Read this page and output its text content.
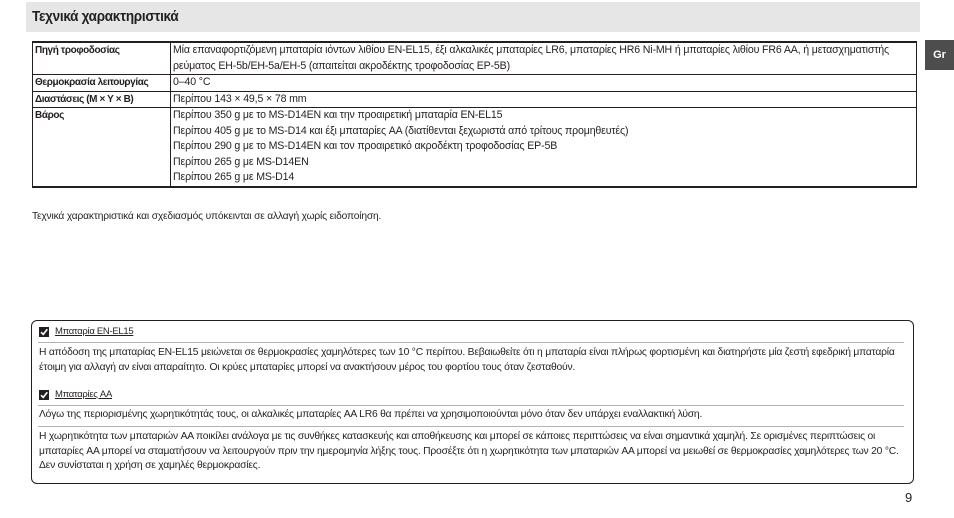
Τεχνικά χαρακτηριστικά
Gr
Πηγή τροφοδοσίας	Μία επαναφορτιζόμενη μπαταρία ιόντων λιθίου EN-EL15, έξι αλκαλικές μπαταρίες LR6, μπαταρίες HR6 Ni-MH ή μπαταρίες λιθίου FR6 AA, ή μετασχηματιστής ρεύματος EH-5b/EH-5a/EH-5 (απαιτείται ακροδέκτης τροφοδοσίας EP-5B)

Θερμοκρασία λειτουργίας	0–40 °C

Διαστάσεις (Μ × Υ × Β)	Περίπου 143 × 49,5 × 78 mm

Βάρος	Περίπου 350 g με το MS-D14EN και την προαιρετική μπαταρία EN-EL15
Περίπου 405 g με το MS-D14 και έξι μπαταρίες AA (διατίθενται ξεχωριστά από τρίτους προμηθευτές)
Περίπου 290 g με το MS-D14EN και τον προαιρετικό ακροδέκτη τροφοδοσίας EP-5B
Περίπου 265 g με MS-D14EN
Περίπου 265 g με MS-D14
Τεχνικά χαρακτηριστικά και σχεδιασμός υπόκεινται σε αλλαγή χωρίς ειδοποίηση.
Μπαταρία EN-EL15
Η απόδοση της μπαταρίας EN-EL15 μειώνεται σε θερμοκρασίες χαμηλότερες των 10 °C περίπου. Βεβαιωθείτε ότι η μπαταρία είναι πλήρως φορτισμένη και διατηρήστε μία ζεστή εφεδρική μπαταρία έτοιμη για αλλαγή αν είναι απαραίτητο. Οι κρύες μπαταρίες μπορεί να ανακτήσουν μέρος του φορτίου τους όταν ζεσταθούν.
Μπαταρίες AA
Λόγω της περιορισμένης χωρητικότητάς τους, οι αλκαλικές μπαταρίες AA LR6 θα πρέπει να χρησιμοποιούνται μόνο όταν δεν υπάρχει εναλλακτική λύση.
Η χωρητικότητα των μπαταριών AA ποικίλει ανάλογα με τις συνθήκες κατασκευής και αποθήκευσης και μπορεί σε κάποιες περιπτώσεις να είναι σημαντικά χαμηλή. Σε ορισμένες περιπτώσεις οι μπαταρίες AA μπορεί να σταματήσουν να λειτουργούν πριν την ημερομηνία λήξης τους. Προσέξτε ότι η χωρητικότητα των μπαταριών AA μπορεί να μειωθεί σε θερμοκρασίες χαμηλότερες των 20 °C. Δεν συνίσταται η χρήση σε χαμηλές θερμοκρασίες.
9
